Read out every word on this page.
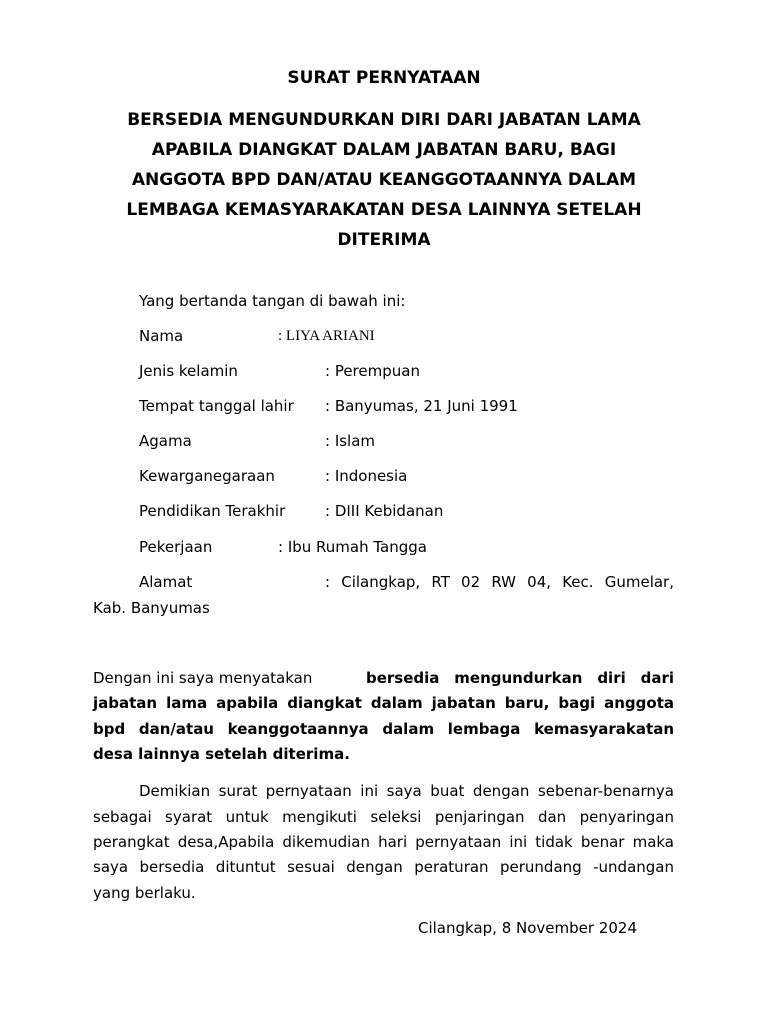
SURAT PERNYATAAN
BERSEDIA MENGUNDURKAN DIRI DARI JABATAN LAMA
APABILA DIANGKAT DALAM JABATAN BARU, BAGI
ANGGOTA BPD DAN/ATAU KEANGGOTAANNYA DALAM
LEMBAGA KEMASYARAKATAN DESA LAINNYA SETELAH
DITERIMA
Yang bertanda tangan di bawah ini:
Nama	: LIYA ARIANI
Jenis kelamin	: Perempuan
Tempat tanggal lahir : Banyumas, 21 Juni 1991
Agama	: Islam
Kewarganegaraan	: Indonesia
Pendidikan Terakhir	: DIII Kebidanan
Pekerjaan	: Ibu Rumah Tangga
Alamat	: Cilangkap, RT 02 RW 04, Kec. Gumelar,
Kab. Banyumas
Dengan ini saya menyatakan	bersedia mengundurkan diri dari
jabatan lama apabila diangkat dalam jabatan baru, bagi anggota
bpd dan/atau keanggotaannya dalam lembaga kemasyarakatan
desa lainnya setelah diterima.
Demikian surat pernyataan ini saya buat dengan sebenar-benarnya
sebagai syarat untuk mengikuti seleksi penjaringan dan penyaringan
perangkat desa,Apabila dikemudian hari pernyataan ini tidak benar maka
saya bersedia dituntut sesuai dengan peraturan perundang -undangan
yang berlaku.
Cilangkap, 8 November 2024
